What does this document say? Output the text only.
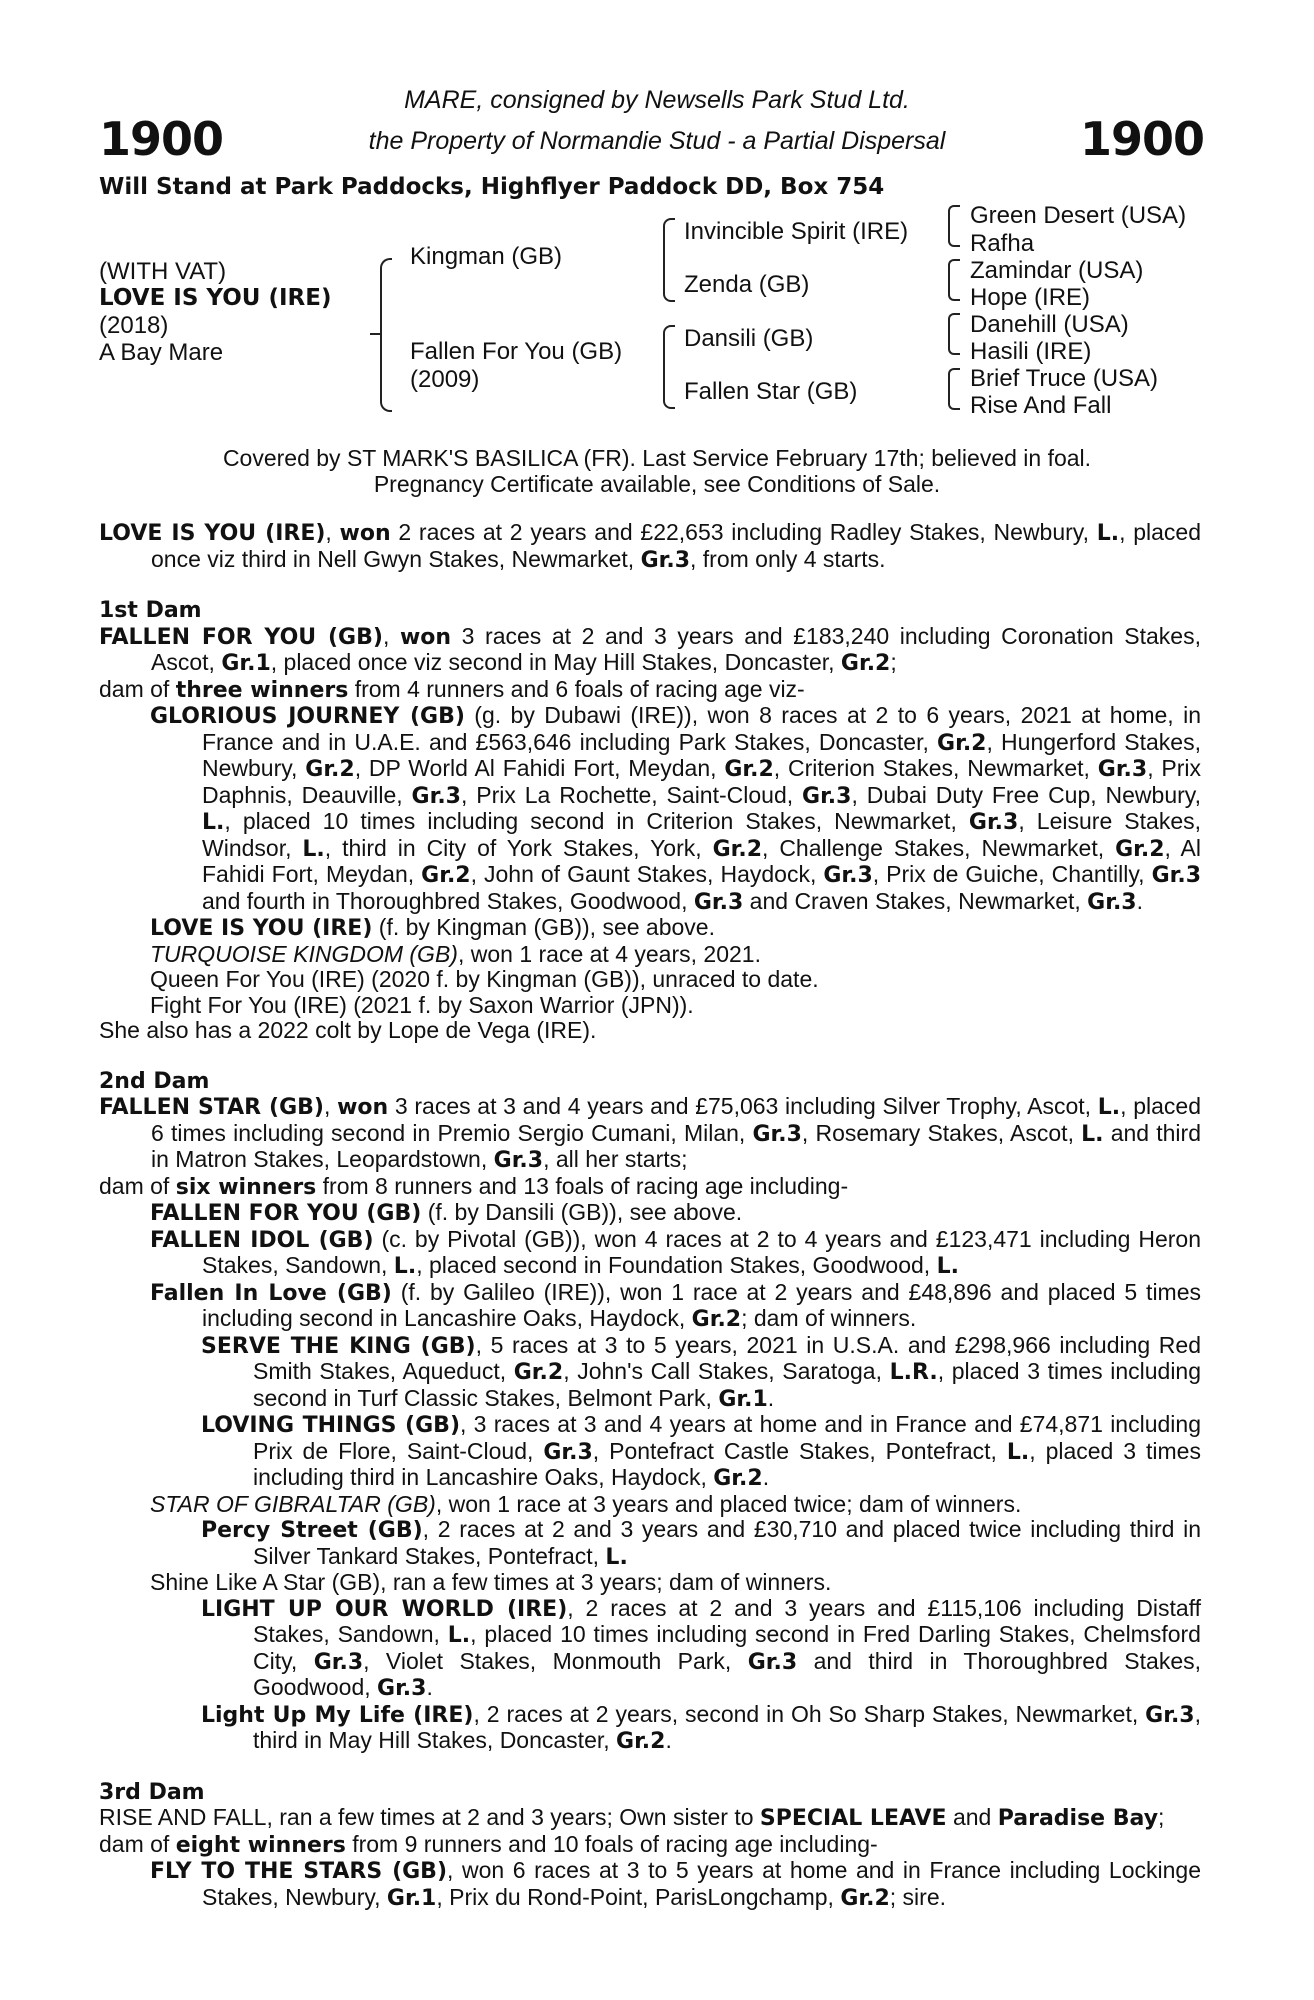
1900	1900
MARE, consigned by Newsells Park Stud Ltd.
the Property of Normandie Stud - a Partial Dispersal
Will Stand at Park Paddocks, Highflyer Paddock DD, Box 754
(WITH VAT)
LOVE IS YOU (IRE)
(2018)
A Bay Mare
Kingman (GB)
Fallen For You (GB)
(2009)
Invincible Spirit (IRE)
Zenda (GB)
Dansili (GB)
Fallen Star (GB)
Green Desert (USA)
Rafha
Zamindar (USA)
Hope (IRE)
Danehill (USA)
Hasili (IRE)
Brief Truce (USA)
Rise And Fall
Covered by ST MARK'S BASILICA (FR). Last Service February 17th; believed in foal.
Pregnancy Certificate available, see Conditions of Sale.

LOVE IS YOU (IRE), won 2 races at 2 years and £22,653 including Radley Stakes, Newbury, L., placed once viz third in Nell Gwyn Stakes, Newmarket, Gr.3, from only 4 starts.

1st Dam

FALLEN FOR YOU (GB), won 3 races at 2 and 3 years and £183,240 including Coronation Stakes, Ascot, Gr.1, placed once viz second in May Hill Stakes, Doncaster, Gr.2;

dam of three winners from 4 runners and 6 foals of racing age viz-

GLORIOUS JOURNEY (GB) (g. by Dubawi (IRE)), won 8 races at 2 to 6 years, 2021 at home, in France and in U.A.E. and £563,646 including Park Stakes, Doncaster, Gr.2, Hungerford Stakes, Newbury, Gr.2, DP World Al Fahidi Fort, Meydan, Gr.2, Criterion Stakes, Newmarket, Gr.3, Prix Daphnis, Deauville, Gr.3, Prix La Rochette, Saint-Cloud, Gr.3, Dubai Duty Free Cup, Newbury, L., placed 10 times including second in Criterion Stakes, Newmarket, Gr.3, Leisure Stakes, Windsor, L., third in City of York Stakes, York, Gr.2, Challenge Stakes, Newmarket, Gr.2, Al Fahidi Fort, Meydan, Gr.2, John of Gaunt Stakes, Haydock, Gr.3, Prix de Guiche, Chantilly, Gr.3 and fourth in Thoroughbred Stakes, Goodwood, Gr.3 and Craven Stakes, Newmarket, Gr.3.

LOVE IS YOU (IRE) (f. by Kingman (GB)), see above.

TURQUOISE KINGDOM (GB), won 1 race at 4 years, 2021.

Queen For You (IRE) (2020 f. by Kingman (GB)), unraced to date.

Fight For You (IRE) (2021 f. by Saxon Warrior (JPN)).

She also has a 2022 colt by Lope de Vega (IRE).

2nd Dam

FALLEN STAR (GB), won 3 races at 3 and 4 years and £75,063 including Silver Trophy, Ascot, L., placed 6 times including second in Premio Sergio Cumani, Milan, Gr.3, Rosemary Stakes, Ascot, L. and third in Matron Stakes, Leopardstown, Gr.3, all her starts;

dam of six winners from 8 runners and 13 foals of racing age including-

FALLEN FOR YOU (GB) (f. by Dansili (GB)), see above.

FALLEN IDOL (GB) (c. by Pivotal (GB)), won 4 races at 2 to 4 years and £123,471 including Heron Stakes, Sandown, L., placed second in Foundation Stakes, Goodwood, L.

Fallen In Love (GB) (f. by Galileo (IRE)), won 1 race at 2 years and £48,896 and placed 5 times including second in Lancashire Oaks, Haydock, Gr.2; dam of winners.

SERVE THE KING (GB), 5 races at 3 to 5 years, 2021 in U.S.A. and £298,966 including Red Smith Stakes, Aqueduct, Gr.2, John's Call Stakes, Saratoga, L.R., placed 3 times including second in Turf Classic Stakes, Belmont Park, Gr.1.

LOVING THINGS (GB), 3 races at 3 and 4 years at home and in France and £74,871 including Prix de Flore, Saint-Cloud, Gr.3, Pontefract Castle Stakes, Pontefract, L., placed 3 times including third in Lancashire Oaks, Haydock, Gr.2.

STAR OF GIBRALTAR (GB), won 1 race at 3 years and placed twice; dam of winners.

Percy Street (GB), 2 races at 2 and 3 years and £30,710 and placed twice including third in Silver Tankard Stakes, Pontefract, L.

Shine Like A Star (GB), ran a few times at 3 years; dam of winners.

LIGHT UP OUR WORLD (IRE), 2 races at 2 and 3 years and £115,106 including Distaff Stakes, Sandown, L., placed 10 times including second in Fred Darling Stakes, Chelmsford City, Gr.3, Violet Stakes, Monmouth Park, Gr.3 and third in Thoroughbred Stakes, Goodwood, Gr.3.

Light Up My Life (IRE), 2 races at 2 years, second in Oh So Sharp Stakes, Newmarket, Gr.3, third in May Hill Stakes, Doncaster, Gr.2.

3rd Dam

RISE AND FALL, ran a few times at 2 and 3 years; Own sister to SPECIAL LEAVE and Paradise Bay;

dam of eight winners from 9 runners and 10 foals of racing age including-

FLY TO THE STARS (GB), won 6 races at 3 to 5 years at home and in France including Lockinge Stakes, Newbury, Gr.1, Prix du Rond-Point, ParisLongchamp, Gr.2; sire.
